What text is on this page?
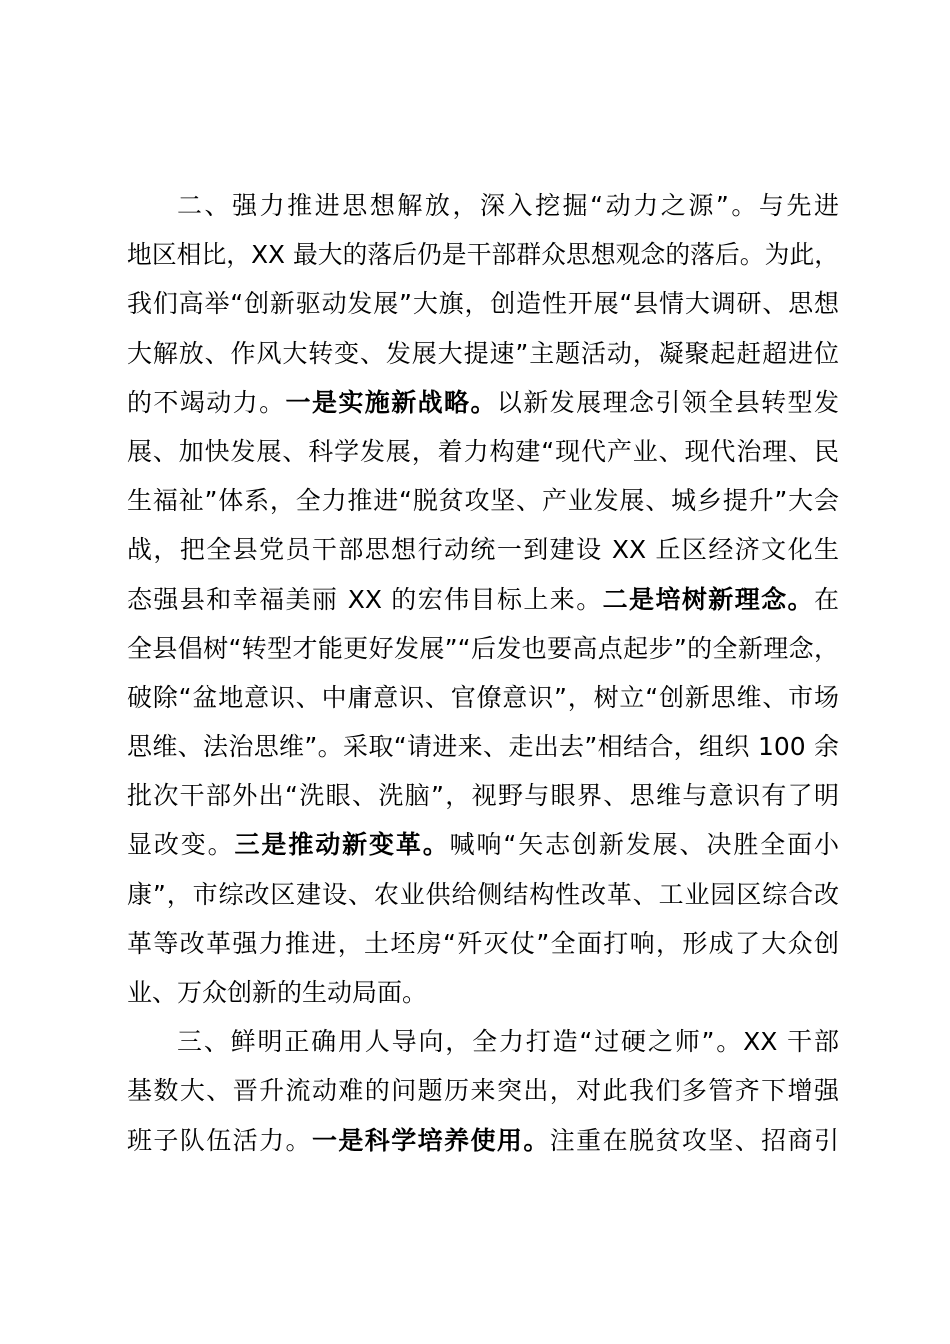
二、强力推进思想解放，深入挖掘“动力之源”。与先进
地区相比，XX 最大的落后仍是干部群众思想观念的落后。为此，
我们高举“创新驱动发展”大旗，创造性开展“县情大调研、思想
大解放、作风大转变、发展大提速”主题活动，凝聚起赶超进位
的不竭动力。一是实施新战略。以新发展理念引领全县转型发
展、加快发展、科学发展，着力构建“现代产业、现代治理、民
生福祉”体系，全力推进“脱贫攻坚、产业发展、城乡提升”大会
战，把全县党员干部思想行动统一到建设 XX 丘区经济文化生
态强县和幸福美丽 XX 的宏伟目标上来。二是培树新理念。在
全县倡树“转型才能更好发展”“后发也要高点起步”的全新理念，
破除“盆地意识、中庸意识、官僚意识”，树立“创新思维、市场
思维、法治思维”。采取“请进来、走出去”相结合，组织 100 余
批次干部外出“洗眼、洗脑”，视野与眼界、思维与意识有了明
显改变。三是推动新变革。喊响“矢志创新发展、决胜全面小
康”，市综改区建设、农业供给侧结构性改革、工业园区综合改
革等改革强力推进，土坯房“歼灭仗”全面打响，形成了大众创
业、万众创新的生动局面。
三、鲜明正确用人导向，全力打造“过硬之师”。XX 干部
基数大、晋升流动难的问题历来突出，对此我们多管齐下增强
班子队伍活力。一是科学培养使用。注重在脱贫攻坚、招商引
